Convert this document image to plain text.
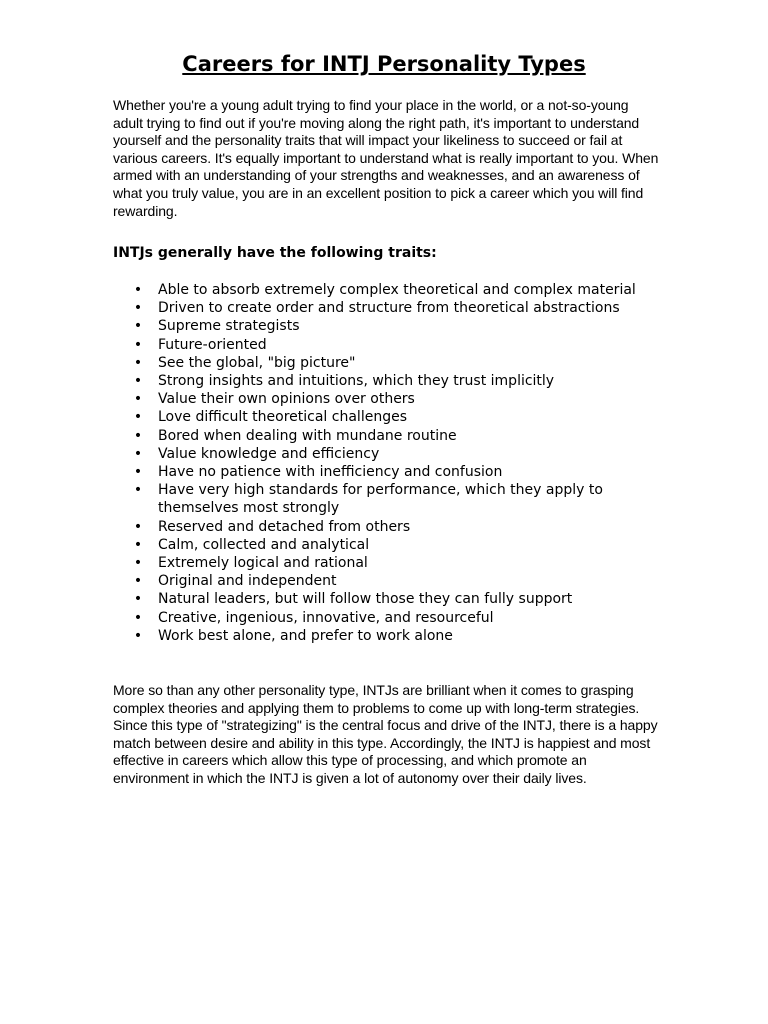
Careers for INTJ Personality Types

Whether you're a young adult trying to find your place in the world, or a not-so-young adult trying to find out if you're moving along the right path, it's important to understand yourself and the personality traits that will impact your likeliness to succeed or fail at various careers. It's equally important to understand what is really important to you. When armed with an understanding of your strengths and weaknesses, and an awareness of what you truly value, you are in an excellent position to pick a career which you will find rewarding.

INTJs generally have the following traits:
• Able to absorb extremely complex theoretical and complex material
• Driven to create order and structure from theoretical abstractions
• Supreme strategists
• Future-oriented
• See the global, "big picture"
• Strong insights and intuitions, which they trust implicitly
• Value their own opinions over others
• Love difficult theoretical challenges
• Bored when dealing with mundane routine
• Value knowledge and efficiency
• Have no patience with inefficiency and confusion
• Have very high standards for performance, which they apply to themselves most strongly
• Reserved and detached from others
• Calm, collected and analytical
• Extremely logical and rational
• Original and independent
• Natural leaders, but will follow those they can fully support
• Creative, ingenious, innovative, and resourceful
• Work best alone, and prefer to work alone

More so than any other personality type, INTJs are brilliant when it comes to grasping complex theories and applying them to problems to come up with long-term strategies. Since this type of "strategizing" is the central focus and drive of the INTJ, there is a happy match between desire and ability in this type. Accordingly, the INTJ is happiest and most effective in careers which allow this type of processing, and which promote an environment in which the INTJ is given a lot of autonomy over their daily lives.
